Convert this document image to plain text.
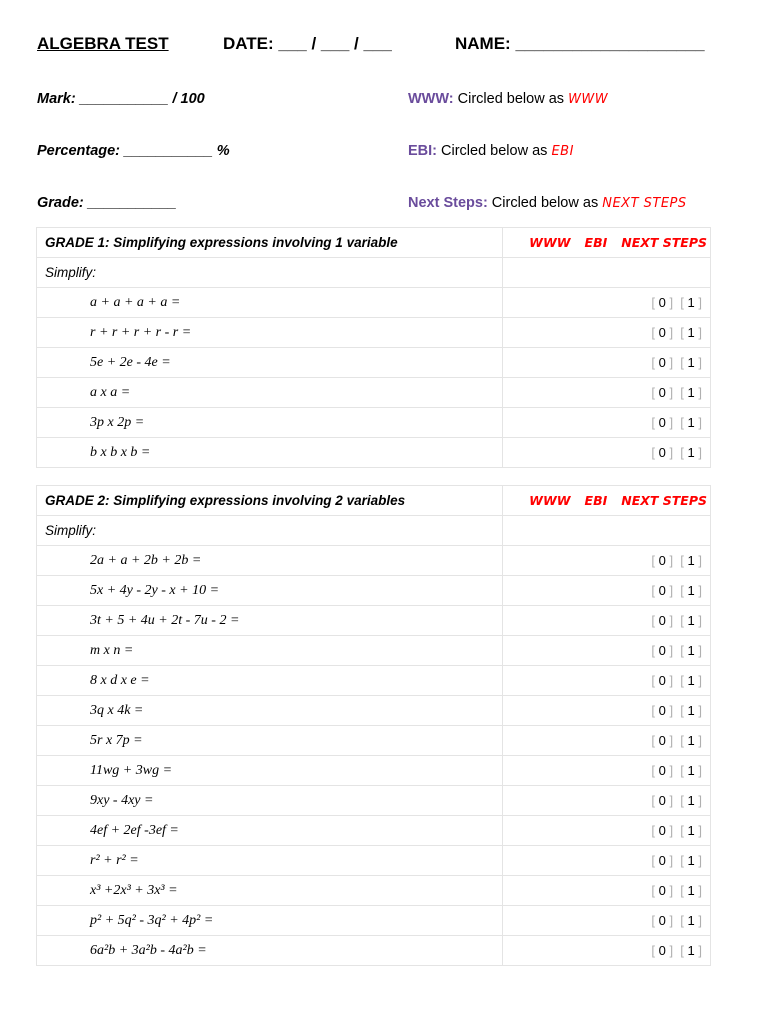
ALGEBRA TEST	DATE: ___ / ___ / ___	NAME: ____________________
Mark: ___________ / 100
Percentage: ___________ %
Grade: ___________
WWW: Circled below as WWW
EBI: Circled below as EBI
Next Steps: Circled below as NEXT STEPS
GRADE 1: Simplifying expressions involving 1 variable	WWW EBI NEXT STEPS
Simplify:	
a + a + a + a =	[ 0 ] [ 1 ]
r + r + r + r - r =	[ 0 ] [ 1 ]
5e + 2e - 4e =	[ 0 ] [ 1 ]
a x a =	[ 0 ] [ 1 ]
3p x 2p =	[ 0 ] [ 1 ]
b x b x b =	[ 0 ] [ 1 ]
GRADE 2: Simplifying expressions involving 2 variables	WWW EBI NEXT STEPS
Simplify:	
2a + a + 2b + 2b =	[ 0 ] [ 1 ]
5x + 4y - 2y - x + 10 =	[ 0 ] [ 1 ]
3t + 5 + 4u + 2t - 7u - 2 =	[ 0 ] [ 1 ]
m x n =	[ 0 ] [ 1 ]
8 x d x e =	[ 0 ] [ 1 ]
3q x 4k =	[ 0 ] [ 1 ]
5r x 7p =	[ 0 ] [ 1 ]
11wg + 3wg =	[ 0 ] [ 1 ]
9xy - 4xy =	[ 0 ] [ 1 ]
4ef + 2ef -3ef =	[ 0 ] [ 1 ]
r² + r² =	[ 0 ] [ 1 ]
x³ +2x³ + 3x³ =	[ 0 ] [ 1 ]
p² + 5q² - 3q² + 4p² =	[ 0 ] [ 1 ]
6a²b + 3a²b - 4a²b =	[ 0 ] [ 1 ]
